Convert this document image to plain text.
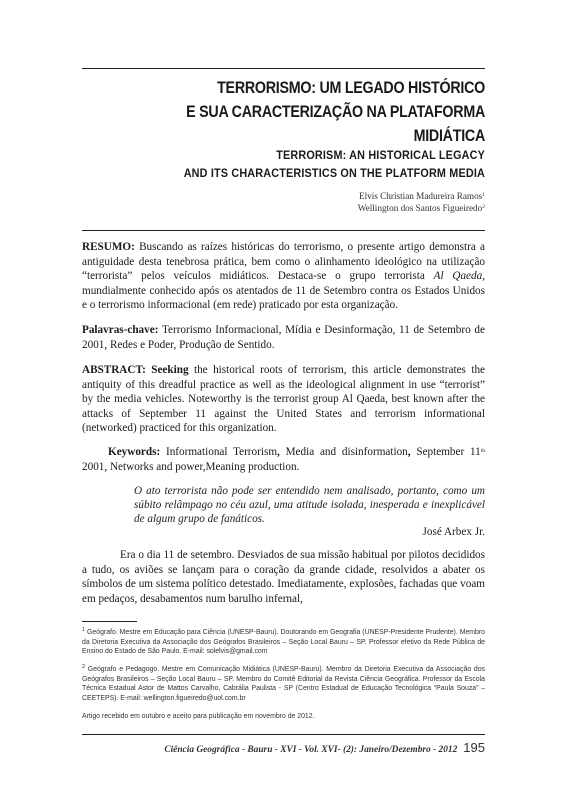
TERRORISMO: UM LEGADO HISTÓRICO
E SUA CARACTERIZAÇÃO NA PLATAFORMA MIDIÁTICA
TERRORISM: AN HISTORICAL LEGACY
AND ITS CHARACTERISTICS ON THE PLATFORM MEDIA
Elvis Christian Madureira Ramos$^1$
Wellington dos Santos Figueiredo$^2$
RESUMO: Buscando as raízes históricas do terrorismo, o presente artigo demonstra a antiguidade desta tenebrosa prática, bem como o alinhamento ideológico na utilização “terrorista” pelos veículos midiáticos. Destaca-se o grupo terrorista Al Qaeda, mundialmente conhecido após os atentados de 11 de Setembro contra os Estados Unidos e o terrorismo informacional (em rede) praticado por esta organização.
Palavras-chave: Terrorismo Informacional, Mídia e Desinformação, 11 de Setembro de 2001, Redes e Poder, Produção de Sentido.
ABSTRACT: Seeking the historical roots of terrorism, this article demonstrates the antiquity of this dreadful practice as well as the ideological alignment in use “terrorist” by the media vehicles. Noteworthy is the terrorist group Al Qaeda, best known after the attacks of September 11 against the United States and terrorism informational (networked) practiced for this organization.
Keywords: Informational Terrorism, Media and disinformation, September 11th 2001, Networks and power,Meaning production.
O ato terrorista não pode ser entendido nem analisado, portanto, como um súbito relâmpago no céu azul, uma atitude isolada, inesperada e inexplicável de algum grupo de fanáticos.
José Arbex Jr.
Era o dia 11 de setembro. Desviados de sua missão habitual por pilotos decididos a tudo, os aviões se lançam para o coração da grande cidade, resolvidos a abater os símbolos de um sistema político detestado. Imediatamente, explosões, fachadas que voam em pedaços, desabamentos num barulho infernal,
$^1$ Geógrafo. Mestre em Educação para Ciência (UNESP-Bauru). Doutorando em Geografia (UNESP-Presidente Prudente). Membro da Diretoria Executiva da Associação dos Geógrafos Brasileiros – Seção Local Bauru – SP. Professor efetivo da Rede Pública de Ensino do Estado de São Paulo. E-mail: solelvis@gmail.com
$^2$ Geógrafo e Pedagogo. Mestre em Comunicação Midiática (UNESP-Bauru). Membro da Diretoria Executiva da Associação dos Geógrafos Brasileiros – Seção Local Bauru – SP. Membro do Comitê Editorial da Revista Ciência Geográfica. Professor da Escola Técnica Estadual Astor de Mattos Carvalho, Cabrália Paulista - SP (Centro Estadual de Educação Tecnológica “Paula Souza” – CEETEPS). E-mail: wellington.figueiredo@uol.com.br
Artigo recebido em outubro e aceito para publicação em novembro de 2012.
Ciência Geográfica - Bauru - XVI - Vol. XVI- (2): Janeiro/Dezembro - 2012 195
